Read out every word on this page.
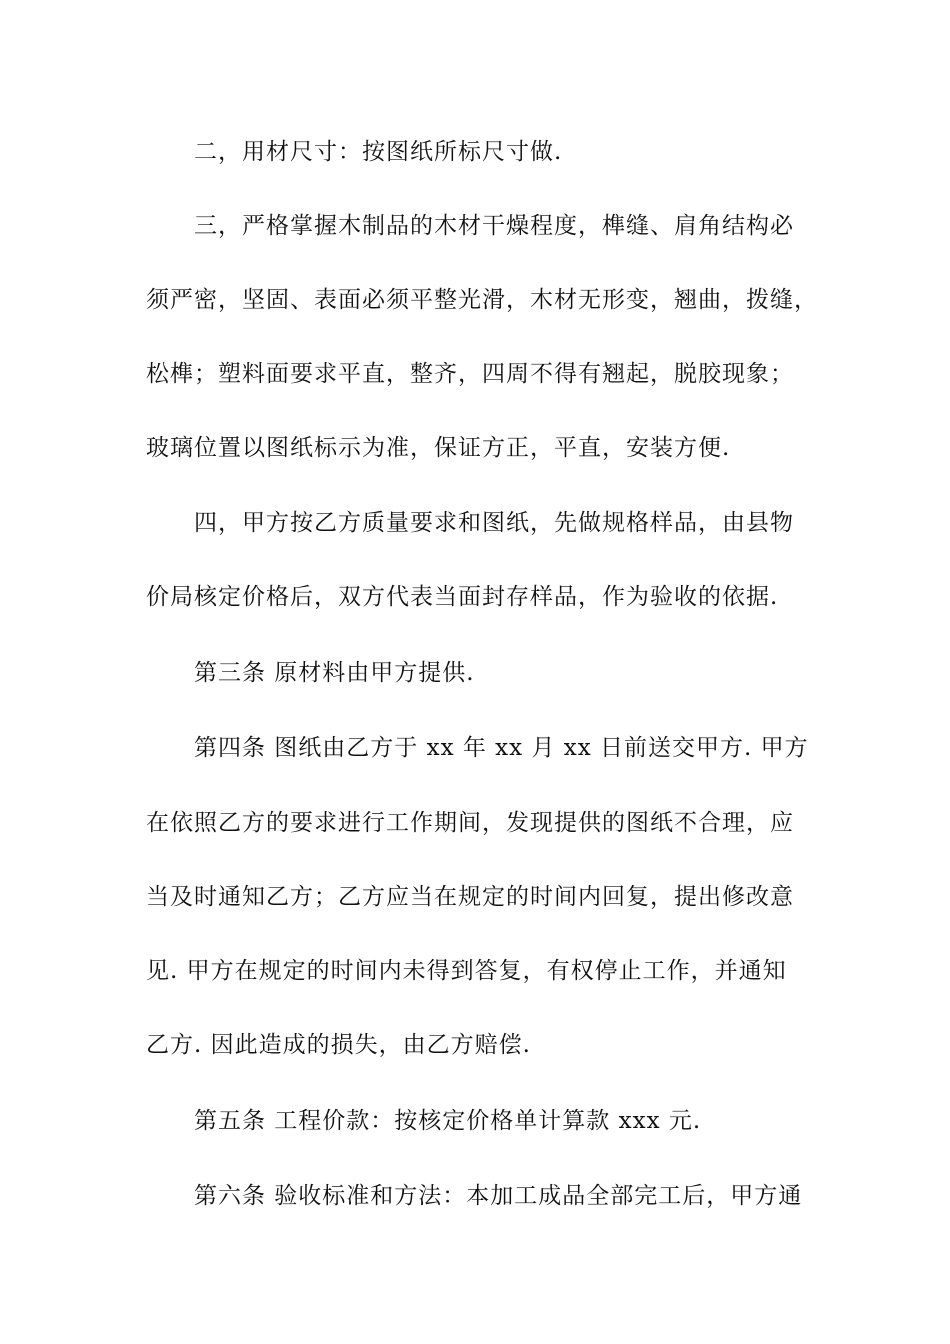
二，用材尺寸：按图纸所标尺寸做.
三，严格掌握木制品的木材干燥程度，榫缝、肩角结构必
须严密，坚固、表面必须平整光滑，木材无形变，翘曲，拨缝，
松榫；塑料面要求平直，整齐，四周不得有翘起，脱胶现象；
玻璃位置以图纸标示为准，保证方正，平直，安装方便.
四，甲方按乙方质量要求和图纸，先做规格样品，由县物
价局核定价格后，双方代表当面封存样品，作为验收的依据.
第三条 原材料由甲方提供.
第四条 图纸由乙方于 xx 年 xx 月 xx 日前送交甲方. 甲方
在依照乙方的要求进行工作期间，发现提供的图纸不合理，应
当及时通知乙方；乙方应当在规定的时间内回复，提出修改意
见. 甲方在规定的时间内未得到答复，有权停止工作，并通知
乙方. 因此造成的损失，由乙方赔偿.
第五条 工程价款：按核定价格单计算款 xxx 元.
第六条 验收标准和方法：本加工成品全部完工后，甲方通
